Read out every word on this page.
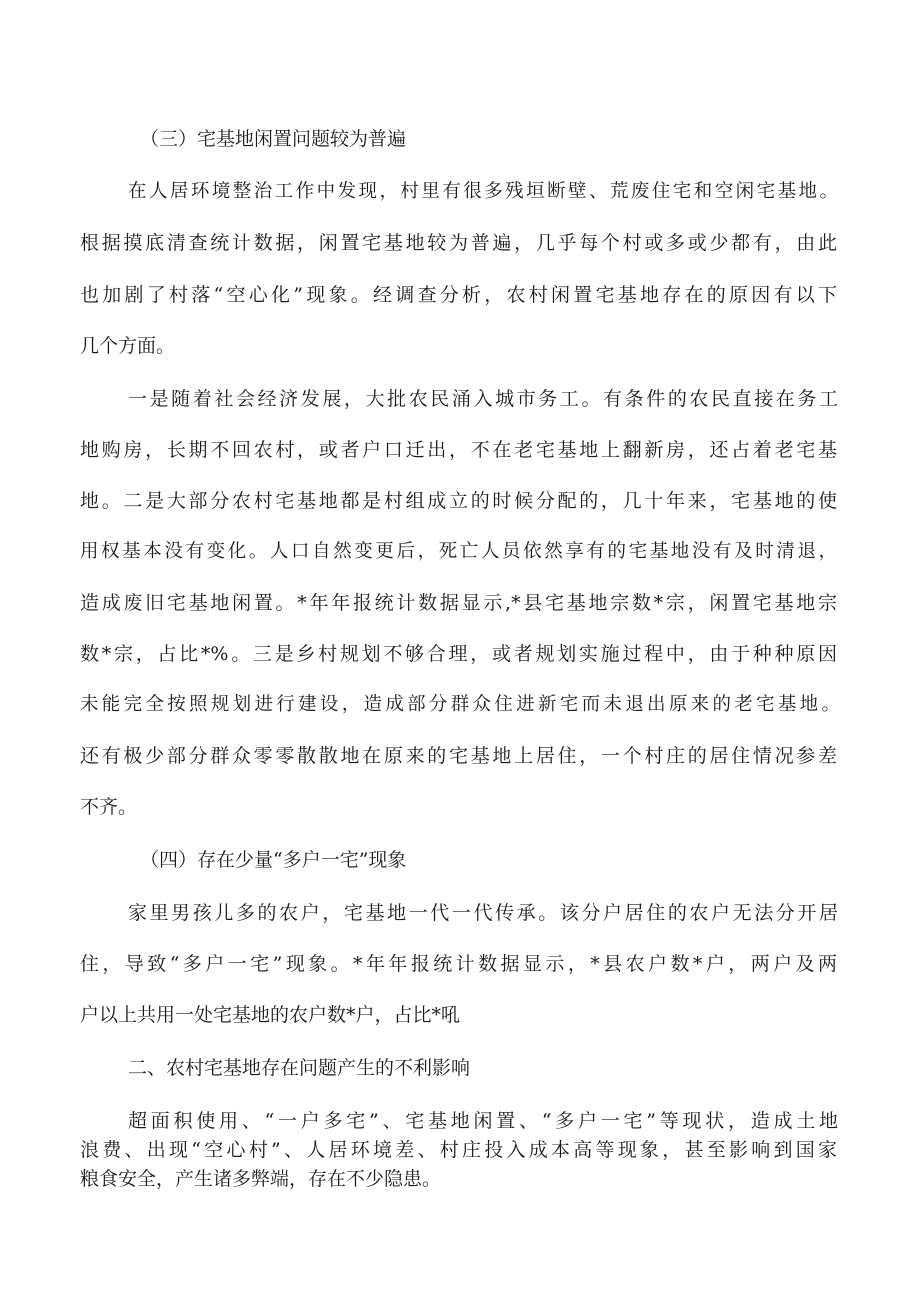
（三）宅基地闲置问题较为普遍
在人居环境整治工作中发现，村里有很多残垣断壁、荒废住宅和空闲宅基地。
根据摸底清查统计数据，闲置宅基地较为普遍，几乎每个村或多或少都有，由此
也加剧了村落“空心化”现象。经调查分析，农村闲置宅基地存在的原因有以下
几个方面。
一是随着社会经济发展，大批农民涌入城市务工。有条件的农民直接在务工
地购房，长期不回农村，或者户口迁出，不在老宅基地上翻新房，还占着老宅基
地。二是大部分农村宅基地都是村组成立的时候分配的，几十年来，宅基地的使
用权基本没有变化。人口自然变更后，死亡人员依然享有的宅基地没有及时清退，
造成废旧宅基地闲置。*年年报统计数据显示,*县宅基地宗数*宗，闲置宅基地宗
数*宗，占比*%。三是乡村规划不够合理，或者规划实施过程中，由于种种原因
未能完全按照规划进行建设，造成部分群众住进新宅而未退出原来的老宅基地。
还有极少部分群众零零散散地在原来的宅基地上居住，一个村庄的居住情况参差
不齐。
（四）存在少量“多户一宅”现象
家里男孩儿多的农户，宅基地一代一代传承。该分户居住的农户无法分开居
住，导致“多户一宅”现象。*年年报统计数据显示，*县农户数*户，两户及两
户以上共用一处宅基地的农户数*户，占比*吼
二、农村宅基地存在问题产生的不利影响
超面积使用、“一户多宅”、宅基地闲置、“多户一宅”等现状，造成土地
浪费、出现“空心村”、人居环境差、村庄投入成本高等现象，甚至影响到国家
粮食安全，产生诸多弊端，存在不少隐患。
